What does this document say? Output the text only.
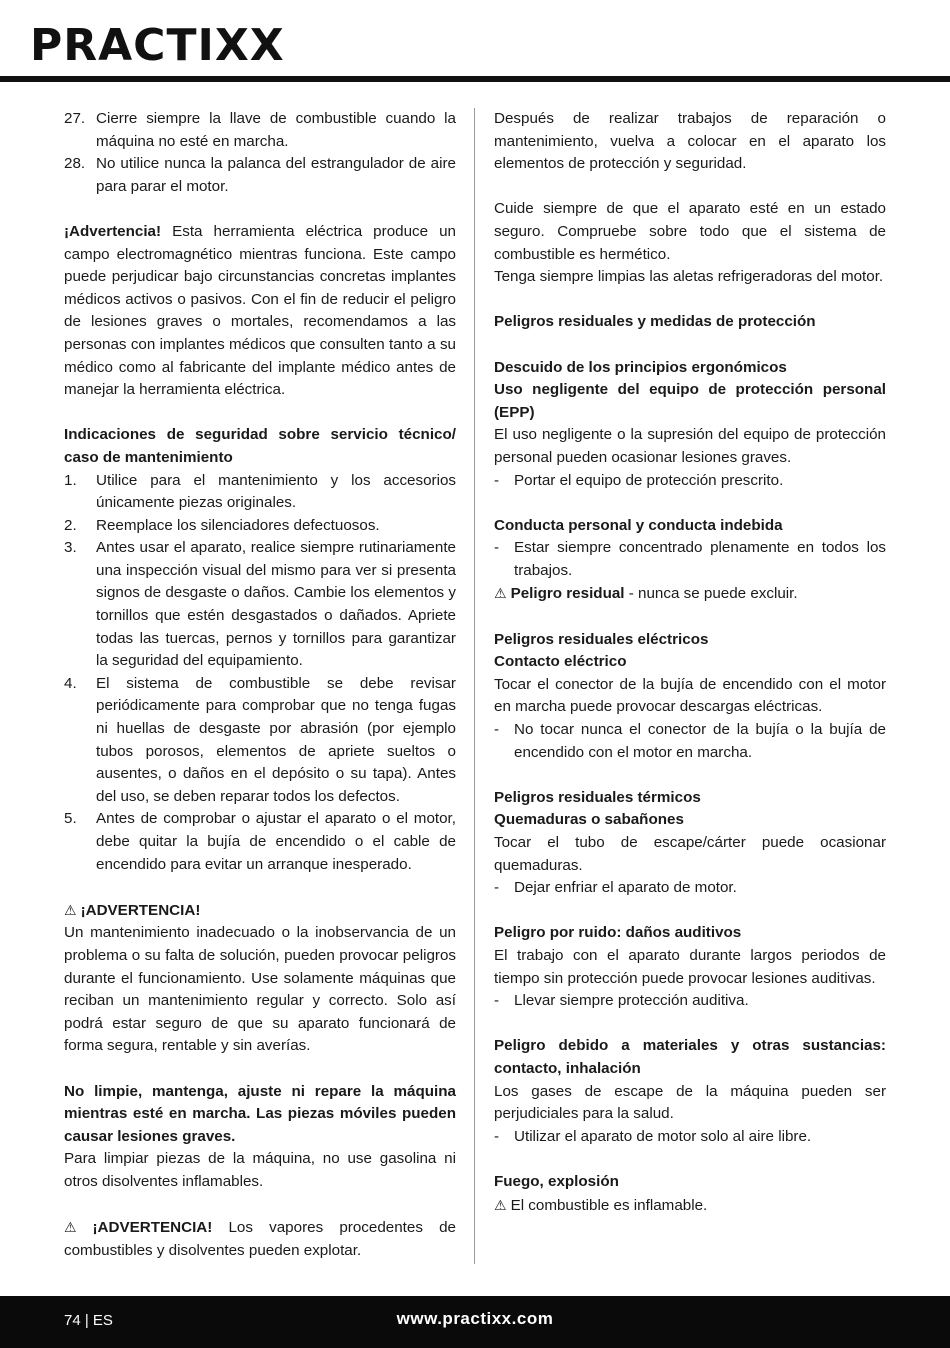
PRACTIXX
27. Cierre siempre la llave de combustible cuando la máquina no esté en marcha.
28. No utilice nunca la palanca del estrangulador de aire para parar el motor.

¡Advertencia! Esta herramienta eléctrica produce un campo electromagnético mientras funciona. Este campo puede perjudicar bajo circunstancias concretas implantes médicos activos o pasivos. Con el fin de reducir el peligro de lesiones graves o mortales, recomendamos a las personas con implantes médicos que consulten tanto a su médico como al fabricante del implante médico antes de manejar la herramienta eléctrica.

Indicaciones de seguridad sobre servicio técnico/ caso de mantenimiento

1. Utilice para el mantenimiento y los accesorios únicamente piezas originales.
2. Reemplace los silenciadores defectuosos.
3. Antes usar el aparato, realice siempre rutinariamente una inspección visual del mismo para ver si presenta signos de desgaste o daños. Cambie los elementos y tornillos que estén desgastados o dañados. Apriete todas las tuercas, pernos y tornillos para garantizar la seguridad del equipamiento.
4. El sistema de combustible se debe revisar periódicamente para comprobar que no tenga fugas ni huellas de desgaste por abrasión (por ejemplo tubos porosos, elementos de apriete sueltos o ausentes, o daños en el depósito o su tapa). Antes del uso, se deben reparar todos los defectos.
5. Antes de comprobar o ajustar el aparato o el motor, debe quitar la bujía de encendido o el cable de encendido para evitar un arranque inesperado.

⚠ ¡ADVERTENCIA!

Un mantenimiento inadecuado o la inobservancia de un problema o su falta de solución, pueden provocar peligros durante el funcionamiento. Use solamente máquinas que reciban un mantenimiento regular y correcto. Solo así podrá estar seguro de que su aparato funcionará de forma segura, rentable y sin averías.

No limpie, mantenga, ajuste ni repare la máquina mientras esté en marcha. Las piezas móviles pueden causar lesiones graves.

Para limpiar piezas de la máquina, no use gasolina ni otros disolventes inflamables.

⚠ ¡ADVERTENCIA! Los vapores procedentes de combustibles y disolventes pueden explotar.

Después de realizar trabajos de reparación o mantenimiento, vuelva a colocar en el aparato los elementos de protección y seguridad.

Cuide siempre de que el aparato esté en un estado seguro. Compruebe sobre todo que el sistema de combustible es hermético.

Tenga siempre limpias las aletas refrigeradoras del motor.

Peligros residuales y medidas de protección

Descuido de los principios ergonómicos

Uso negligente del equipo de protección personal (EPP)

El uso negligente o la supresión del equipo de protección personal pueden ocasionar lesiones graves.

- Portar el equipo de protección prescrito.

Conducta personal y conducta indebida

- Estar siempre concentrado plenamente en todos los trabajos.

⚠ Peligro residual - nunca se puede excluir.

Peligros residuales eléctricos

Contacto eléctrico

Tocar el conector de la bujía de encendido con el motor en marcha puede provocar descargas eléctricas.

- No tocar nunca el conector de la bujía o la bujía de encendido con el motor en marcha.

Peligros residuales térmicos

Quemaduras o sabañones

Tocar el tubo de escape/cárter puede ocasionar quemaduras.

- Dejar enfriar el aparato de motor.

Peligro por ruido: daños auditivos

El trabajo con el aparato durante largos periodos de tiempo sin protección puede provocar lesiones auditivas.

- Llevar siempre protección auditiva.

Peligro debido a materiales y otras sustancias: contacto, inhalación

Los gases de escape de la máquina pueden ser perjudiciales para la salud.

- Utilizar el aparato de motor solo al aire libre.

Fuego, explosión

⚠ El combustible es inflamable.

74 | ES	www.practixx.com
